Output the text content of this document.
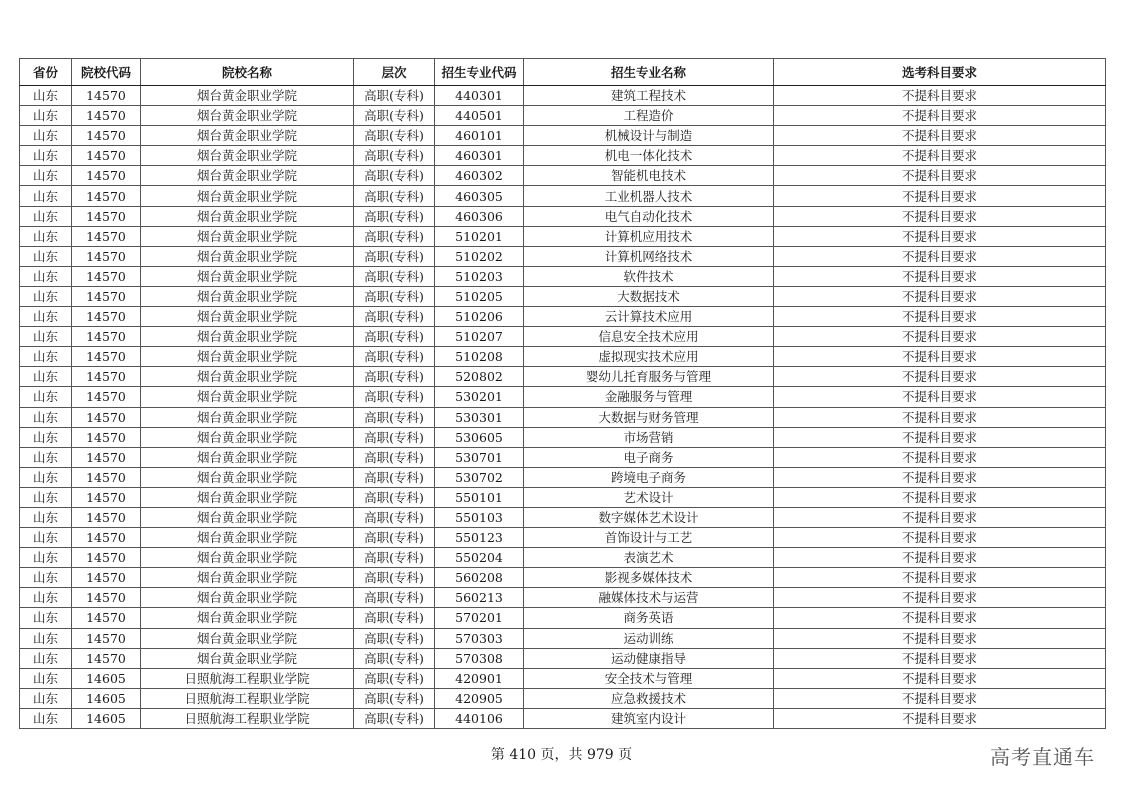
省份	院校代码	院校名称	层次	招生专业代码	招生专业名称	选考科目要求
山东	14570	烟台黄金职业学院	高职(专科)	440301	建筑工程技术	不提科目要求
山东	14570	烟台黄金职业学院	高职(专科)	440501	工程造价	不提科目要求
山东	14570	烟台黄金职业学院	高职(专科)	460101	机械设计与制造	不提科目要求
山东	14570	烟台黄金职业学院	高职(专科)	460301	机电一体化技术	不提科目要求
山东	14570	烟台黄金职业学院	高职(专科)	460302	智能机电技术	不提科目要求
山东	14570	烟台黄金职业学院	高职(专科)	460305	工业机器人技术	不提科目要求
山东	14570	烟台黄金职业学院	高职(专科)	460306	电气自动化技术	不提科目要求
山东	14570	烟台黄金职业学院	高职(专科)	510201	计算机应用技术	不提科目要求
山东	14570	烟台黄金职业学院	高职(专科)	510202	计算机网络技术	不提科目要求
山东	14570	烟台黄金职业学院	高职(专科)	510203	软件技术	不提科目要求
山东	14570	烟台黄金职业学院	高职(专科)	510205	大数据技术	不提科目要求
山东	14570	烟台黄金职业学院	高职(专科)	510206	云计算技术应用	不提科目要求
山东	14570	烟台黄金职业学院	高职(专科)	510207	信息安全技术应用	不提科目要求
山东	14570	烟台黄金职业学院	高职(专科)	510208	虚拟现实技术应用	不提科目要求
山东	14570	烟台黄金职业学院	高职(专科)	520802	婴幼儿托育服务与管理	不提科目要求
山东	14570	烟台黄金职业学院	高职(专科)	530201	金融服务与管理	不提科目要求
山东	14570	烟台黄金职业学院	高职(专科)	530301	大数据与财务管理	不提科目要求
山东	14570	烟台黄金职业学院	高职(专科)	530605	市场营销	不提科目要求
山东	14570	烟台黄金职业学院	高职(专科)	530701	电子商务	不提科目要求
山东	14570	烟台黄金职业学院	高职(专科)	530702	跨境电子商务	不提科目要求
山东	14570	烟台黄金职业学院	高职(专科)	550101	艺术设计	不提科目要求
山东	14570	烟台黄金职业学院	高职(专科)	550103	数字媒体艺术设计	不提科目要求
山东	14570	烟台黄金职业学院	高职(专科)	550123	首饰设计与工艺	不提科目要求
山东	14570	烟台黄金职业学院	高职(专科)	550204	表演艺术	不提科目要求
山东	14570	烟台黄金职业学院	高职(专科)	560208	影视多媒体技术	不提科目要求
山东	14570	烟台黄金职业学院	高职(专科)	560213	融媒体技术与运营	不提科目要求
山东	14570	烟台黄金职业学院	高职(专科)	570201	商务英语	不提科目要求
山东	14570	烟台黄金职业学院	高职(专科)	570303	运动训练	不提科目要求
山东	14570	烟台黄金职业学院	高职(专科)	570308	运动健康指导	不提科目要求
山东	14605	日照航海工程职业学院	高职(专科)	420901	安全技术与管理	不提科目要求
山东	14605	日照航海工程职业学院	高职(专科)	420905	应急救援技术	不提科目要求
山东	14605	日照航海工程职业学院	高职(专科)	440106	建筑室内设计	不提科目要求
第 410 页，共 979 页	高考直通车
